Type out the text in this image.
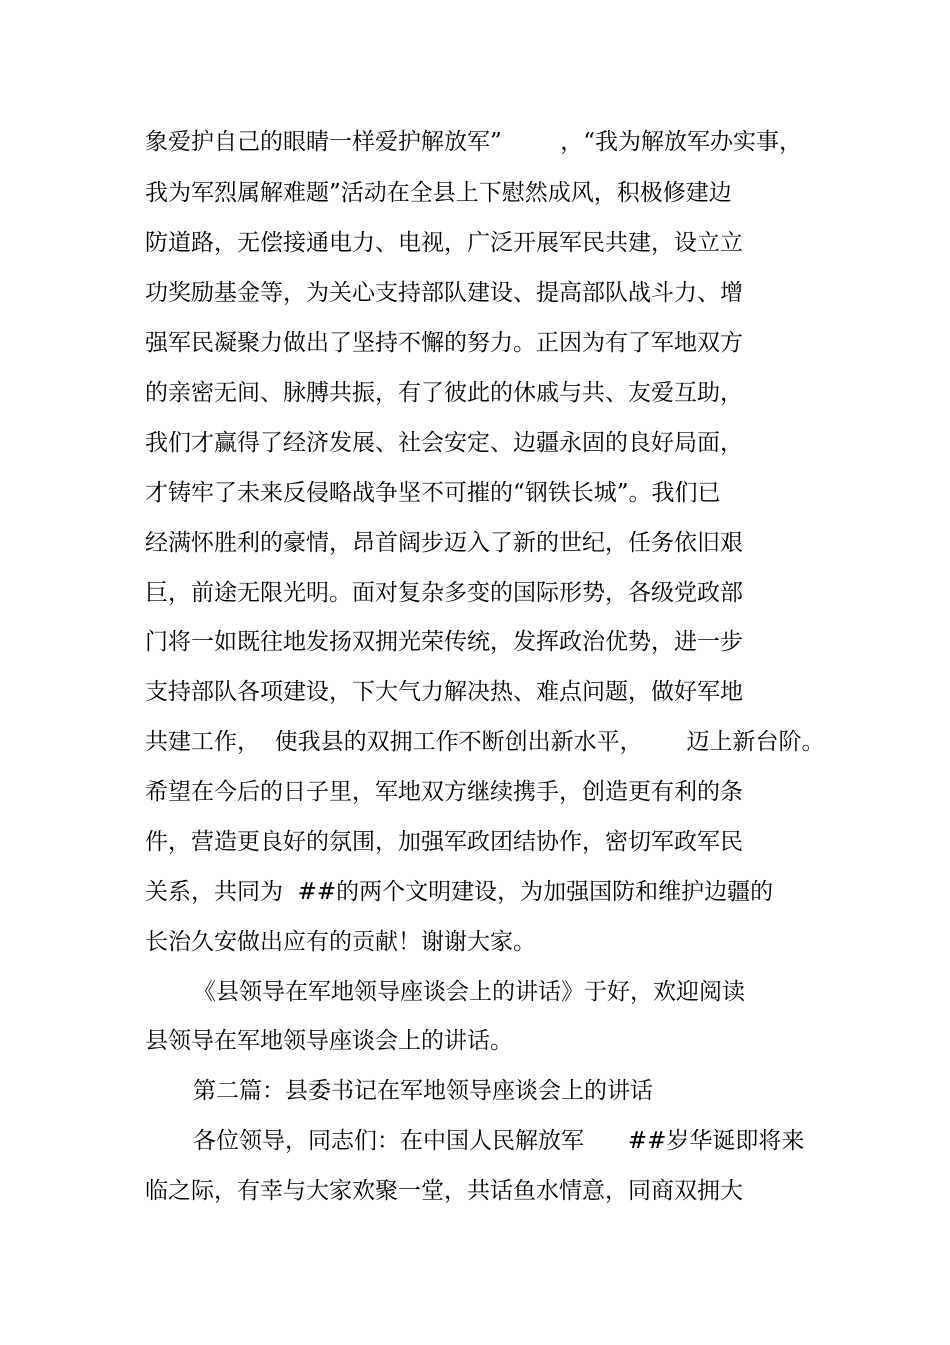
象爱护自己的眼睛一样爱护解放军”        ，“我为解放军办实事，
我为军烈属解难题”活动在全县上下慰然成风，积极修建边
防道路，无偿接通电力、电视，广泛开展军民共建，设立立
功奖励基金等，为关心支持部队建设、提高部队战斗力、增
强军民凝聚力做出了坚持不懈的努力。正因为有了军地双方
的亲密无间、脉膊共振，有了彼此的休戚与共、友爱互助，
我们才赢得了经济发展、社会安定、边疆永固的良好局面，
才铸牢了未来反侵略战争坚不可摧的“钢铁长城”。我们已
经满怀胜利的豪情，昂首阔步迈入了新的世纪，任务依旧艰
巨，前途无限光明。面对复杂多变的国际形势，各级党政部
门将一如既往地发扬双拥光荣传统，发挥政治优势，进一步
支持部队各项建设，下大气力解决热、难点问题，做好军地
共建工作，  使我县的双拥工作不断创出新水平，      迈上新台阶。
希望在今后的日子里，军地双方继续携手，创造更有利的条
件，营造更良好的氛围，加强军政团结协作，密切军政军民
关系，共同为  ##的两个文明建设，为加强国防和维护边疆的
长治久安做出应有的贡献！谢谢大家。
《县领导在军地领导座谈会上的讲话》于好，欢迎阅读
县领导在军地领导座谈会上的讲话。
第二篇：县委书记在军地领导座谈会上的讲话
各位领导，同志们：在中国人民解放军      ##岁华诞即将来
临之际，有幸与大家欢聚一堂，共话鱼水情意，同商双拥大
